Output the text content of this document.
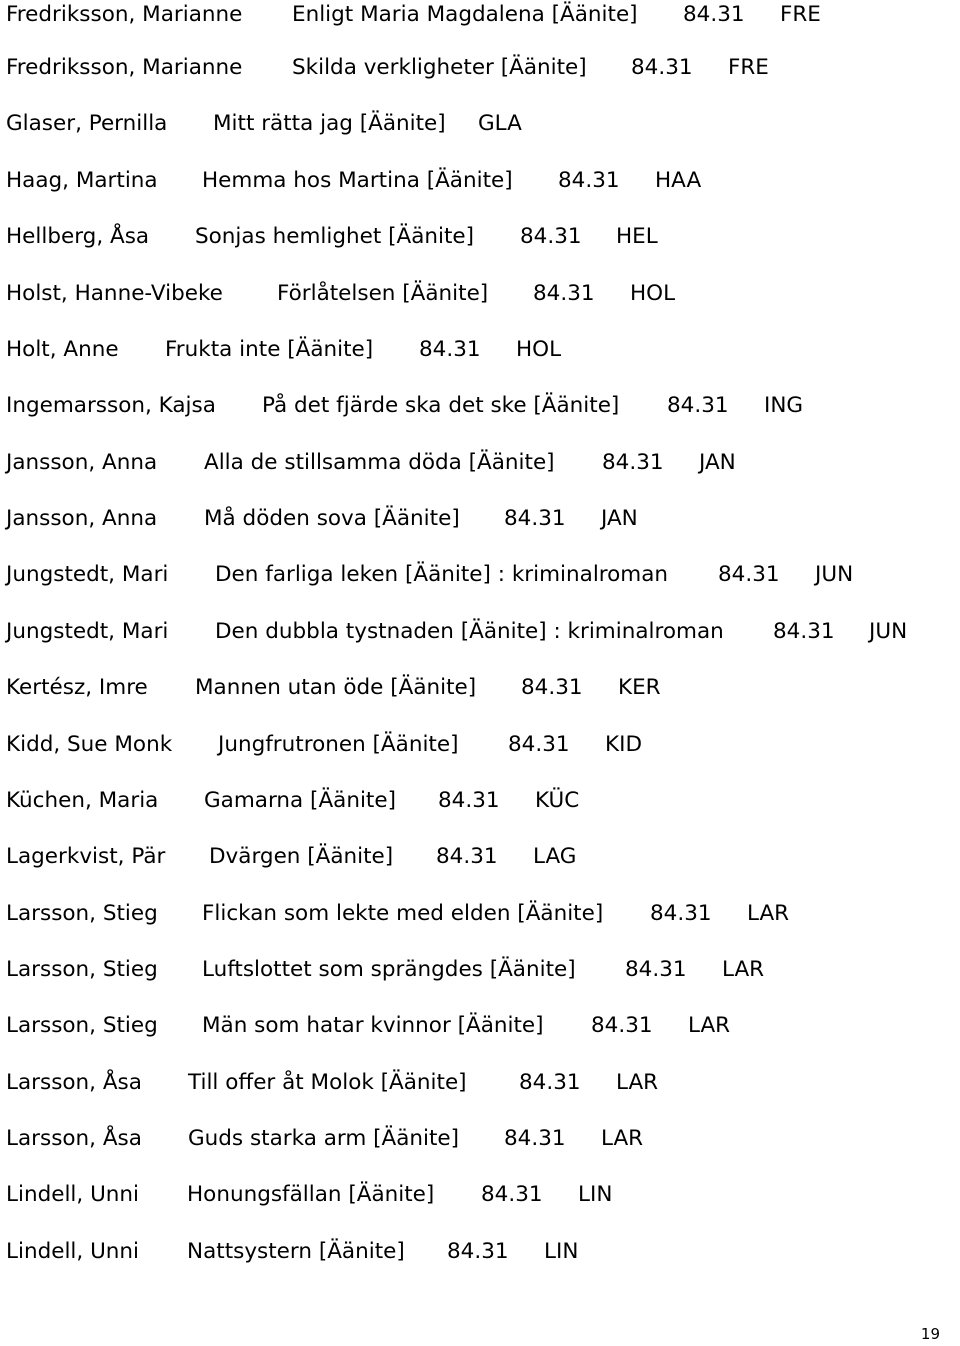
Fredriksson, Marianne Enligt Maria Magdalena [Äänite] 84.31 FRE
Fredriksson, Marianne Skilda verkligheter [Äänite] 84.31 FRE
Glaser, Pernilla Mitt rätta jag [Äänite] GLA
Haag, Martina Hemma hos Martina [Äänite] 84.31 HAA
Hellberg, Åsa Sonjas hemlighet [Äänite] 84.31 HEL
Holst, Hanne-Vibeke	Förlåtelsen [Äänite] 84.31 HOL
Holt, Anne Frukta inte [Äänite] 84.31 HOL
Ingemarsson, Kajsa På det fjärde ska det ske [Äänite] 84.31 ING
Jansson, Anna Alla de stillsamma döda [Äänite] 84.31 JAN
Jansson, Anna Må döden sova [Äänite] 84.31 JAN
Jungstedt, Mari Den farliga leken [Äänite] : kriminalroman 84.31 JUN
Jungstedt, Mari Den dubbla tystnaden [Äänite] : kriminalroman 84.31 JUN
Kertész, Imre Mannen utan öde [Äänite] 84.31 KER
Kidd, Sue Monk Jungfrutronen [Äänite] 84.31 KID
Küchen, Maria Gamarna [Äänite] 84.31 KÜC
Lagerkvist, Pär Dvärgen [Äänite] 84.31 LAG
Larsson, Stieg Flickan som lekte med elden [Äänite] 84.31 LAR
Larsson, Stieg Luftslottet som sprängdes [Äänite] 84.31 LAR
Larsson, Stieg Män som hatar kvinnor [Äänite] 84.31 LAR
Larsson, Åsa Till offer åt Molok [Äänite] 84.31 LAR
Larsson, Åsa Guds starka arm [Äänite] 84.31 LAR
Lindell, Unni Honungsfällan [Äänite] 84.31 LIN
Lindell, Unni Nattsystern [Äänite] 84.31 LIN
19
